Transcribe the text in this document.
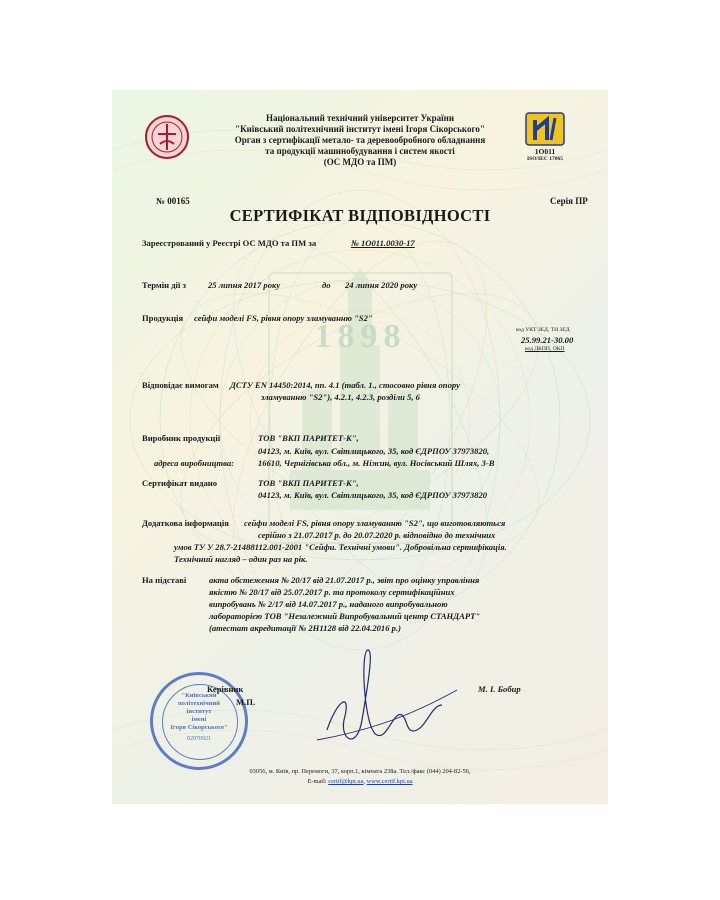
Національний технічний університет України
"Київський політехнічний інститут імені Ігоря Сікорського"
Орган з сертифікації метало- та деревообробного обладнання
та продукції машинобудування і систем якості
(ОС МДО та ПМ)
1О011
ISO/IEC 17065
№ 00165	Серія ПР
СЕРТИФІКАТ ВІДПОВІДНОСТІ
Зареєстрований у Реєстрі ОС МДО та ПМ за	№ 1О011.0030-17
Термін дії з	25 липня 2017 року	до 24 липня 2020 року
Продукція сейфи моделі FS, рівня опору зламуванню "S2"
код УКТ ЗЕД, ТН ЗЕД
25.99.21-30.00
код ДКПП, ОКП
1898
Відповідає вимогам ДСТУ EN 14450:2014, пп. 4.1 (табл. 1., стосовно рівня опору
зламуванню "S2"), 4.2.1, 4.2.3, розділи 5, 6
Виробник продукції	ТОВ "ВКП ПАРИТЕТ-К",
04123, м. Київ, вул. Світлицького, 35, код ЄДРПОУ 37973820,
адреса виробництва:	16610, Чернігівська обл., м. Ніжин, вул. Носівський Шлях, 3-В
Сертифікат видано	ТОВ "ВКП ПАРИТЕТ-К",
04123, м. Київ, вул. Світлицького, 35, код ЄДРПОУ 37973820
Додаткова інформація сейфи моделі FS, рівня опору зламуванню "S2", що виготовляються
серійно з 21.07.2017 р. до 20.07.2020 р. відповідно до технічних
умов ТУ У 28.7-21488112.001-2001 "Сейфи. Технічні умови". Добровільна сертифікація.
Технічний нагляд – один раз на рік.
На підставі	акта обстеження № 20/17 від 21.07.2017 р., звіт про оцінку управління
якістю № 20/17 від 25.07.2017 р. та протоколу сертифікаційних
випробувань № 2/17 від 14.07.2017 р., наданого випробувальною
лабораторією ТОВ "Незалежний Випробувальний центр СТАНДАРТ"
(атестат акредитації № 2Н1128 від 22.04.2016 р.)
"Київський
політехнічний
інститут
імені
Ігоря Сікорського"
02070921
Керівник
М.П.
М. І. Бобир
03056, м. Київ, пр. Перемоги, 37, корп.1, кімната 238а. Тел./факс (044) 204-82-56,
E-mail: certif@kpi.ua, www.certif.kpi.ua
